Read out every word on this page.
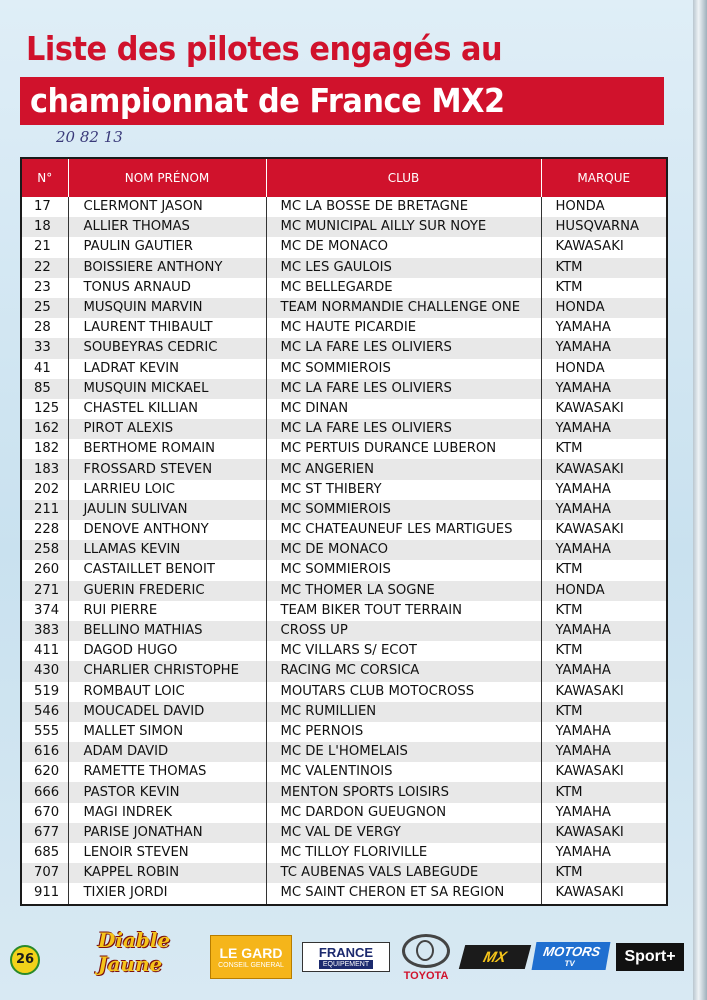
Liste des pilotes engagés au
championnat de France MX2
20 82 13
N°	NOM PRÉNOM	CLUB	MARQUE
17	CLERMONT JASON	MC LA BOSSE DE BRETAGNE	HONDA
18	ALLIER THOMAS	MC MUNICIPAL AILLY SUR NOYE	HUSQVARNA
21	PAULIN GAUTIER	MC DE MONACO	KAWASAKI
22	BOISSIERE ANTHONY	MC LES GAULOIS	KTM
23	TONUS ARNAUD	MC BELLEGARDE	KTM
25	MUSQUIN MARVIN	TEAM NORMANDIE CHALLENGE ONE	HONDA
28	LAURENT THIBAULT	MC HAUTE PICARDIE	YAMAHA
33	SOUBEYRAS CEDRIC	MC LA FARE LES OLIVIERS	YAMAHA
41	LADRAT KEVIN	MC SOMMIEROIS	HONDA
85	MUSQUIN MICKAEL	MC LA FARE LES OLIVIERS	YAMAHA
125	CHASTEL KILLIAN	MC DINAN	KAWASAKI
162	PIROT ALEXIS	MC LA FARE LES OLIVIERS	YAMAHA
182	BERTHOME ROMAIN	MC PERTUIS DURANCE LUBERON	KTM
183	FROSSARD STEVEN	MC ANGERIEN	KAWASAKI
202	LARRIEU LOIC	MC ST THIBERY	YAMAHA
211	JAULIN SULIVAN	MC SOMMIEROIS	YAMAHA
228	DENOVE ANTHONY	MC CHATEAUNEUF LES MARTIGUES	KAWASAKI
258	LLAMAS KEVIN	MC DE MONACO	YAMAHA
260	CASTAILLET BENOIT	MC SOMMIEROIS	KTM
271	GUERIN FREDERIC	MC THOMER LA SOGNE	HONDA
374	RUI PIERRE	TEAM BIKER TOUT TERRAIN	KTM
383	BELLINO MATHIAS	CROSS UP	YAMAHA
411	DAGOD HUGO	MC VILLARS S/ ECOT	KTM
430	CHARLIER CHRISTOPHE	RACING MC CORSICA	YAMAHA
519	ROMBAUT LOIC	MOUTARS CLUB MOTOCROSS	KAWASAKI
546	MOUCADEL DAVID	MC RUMILLIEN	KTM
555	MALLET SIMON	MC PERNOIS	YAMAHA
616	ADAM DAVID	MC DE L'HOMELAIS	YAMAHA
620	RAMETTE THOMAS	MC VALENTINOIS	KAWASAKI
666	PASTOR KEVIN	MENTON SPORTS LOISIRS	KTM
670	MAGI INDREK	MC DARDON GUEUGNON	YAMAHA
677	PARISE JONATHAN	MC VAL DE VERGY	KAWASAKI
685	LENOIR STEVEN	MC TILLOY FLORIVILLE	YAMAHA
707	KAPPEL ROBIN	TC AUBENAS VALS LABEGUDE	KTM
911	TIXIER JORDI	MC SAINT CHERON ET SA REGION	KAWASAKI
26
Diable Jaune	LE GARD
CONSEIL GENERAL
FRANCE
EQUIPEMENT
TOYOTA
MX	MOTORS
TV	Sport+
